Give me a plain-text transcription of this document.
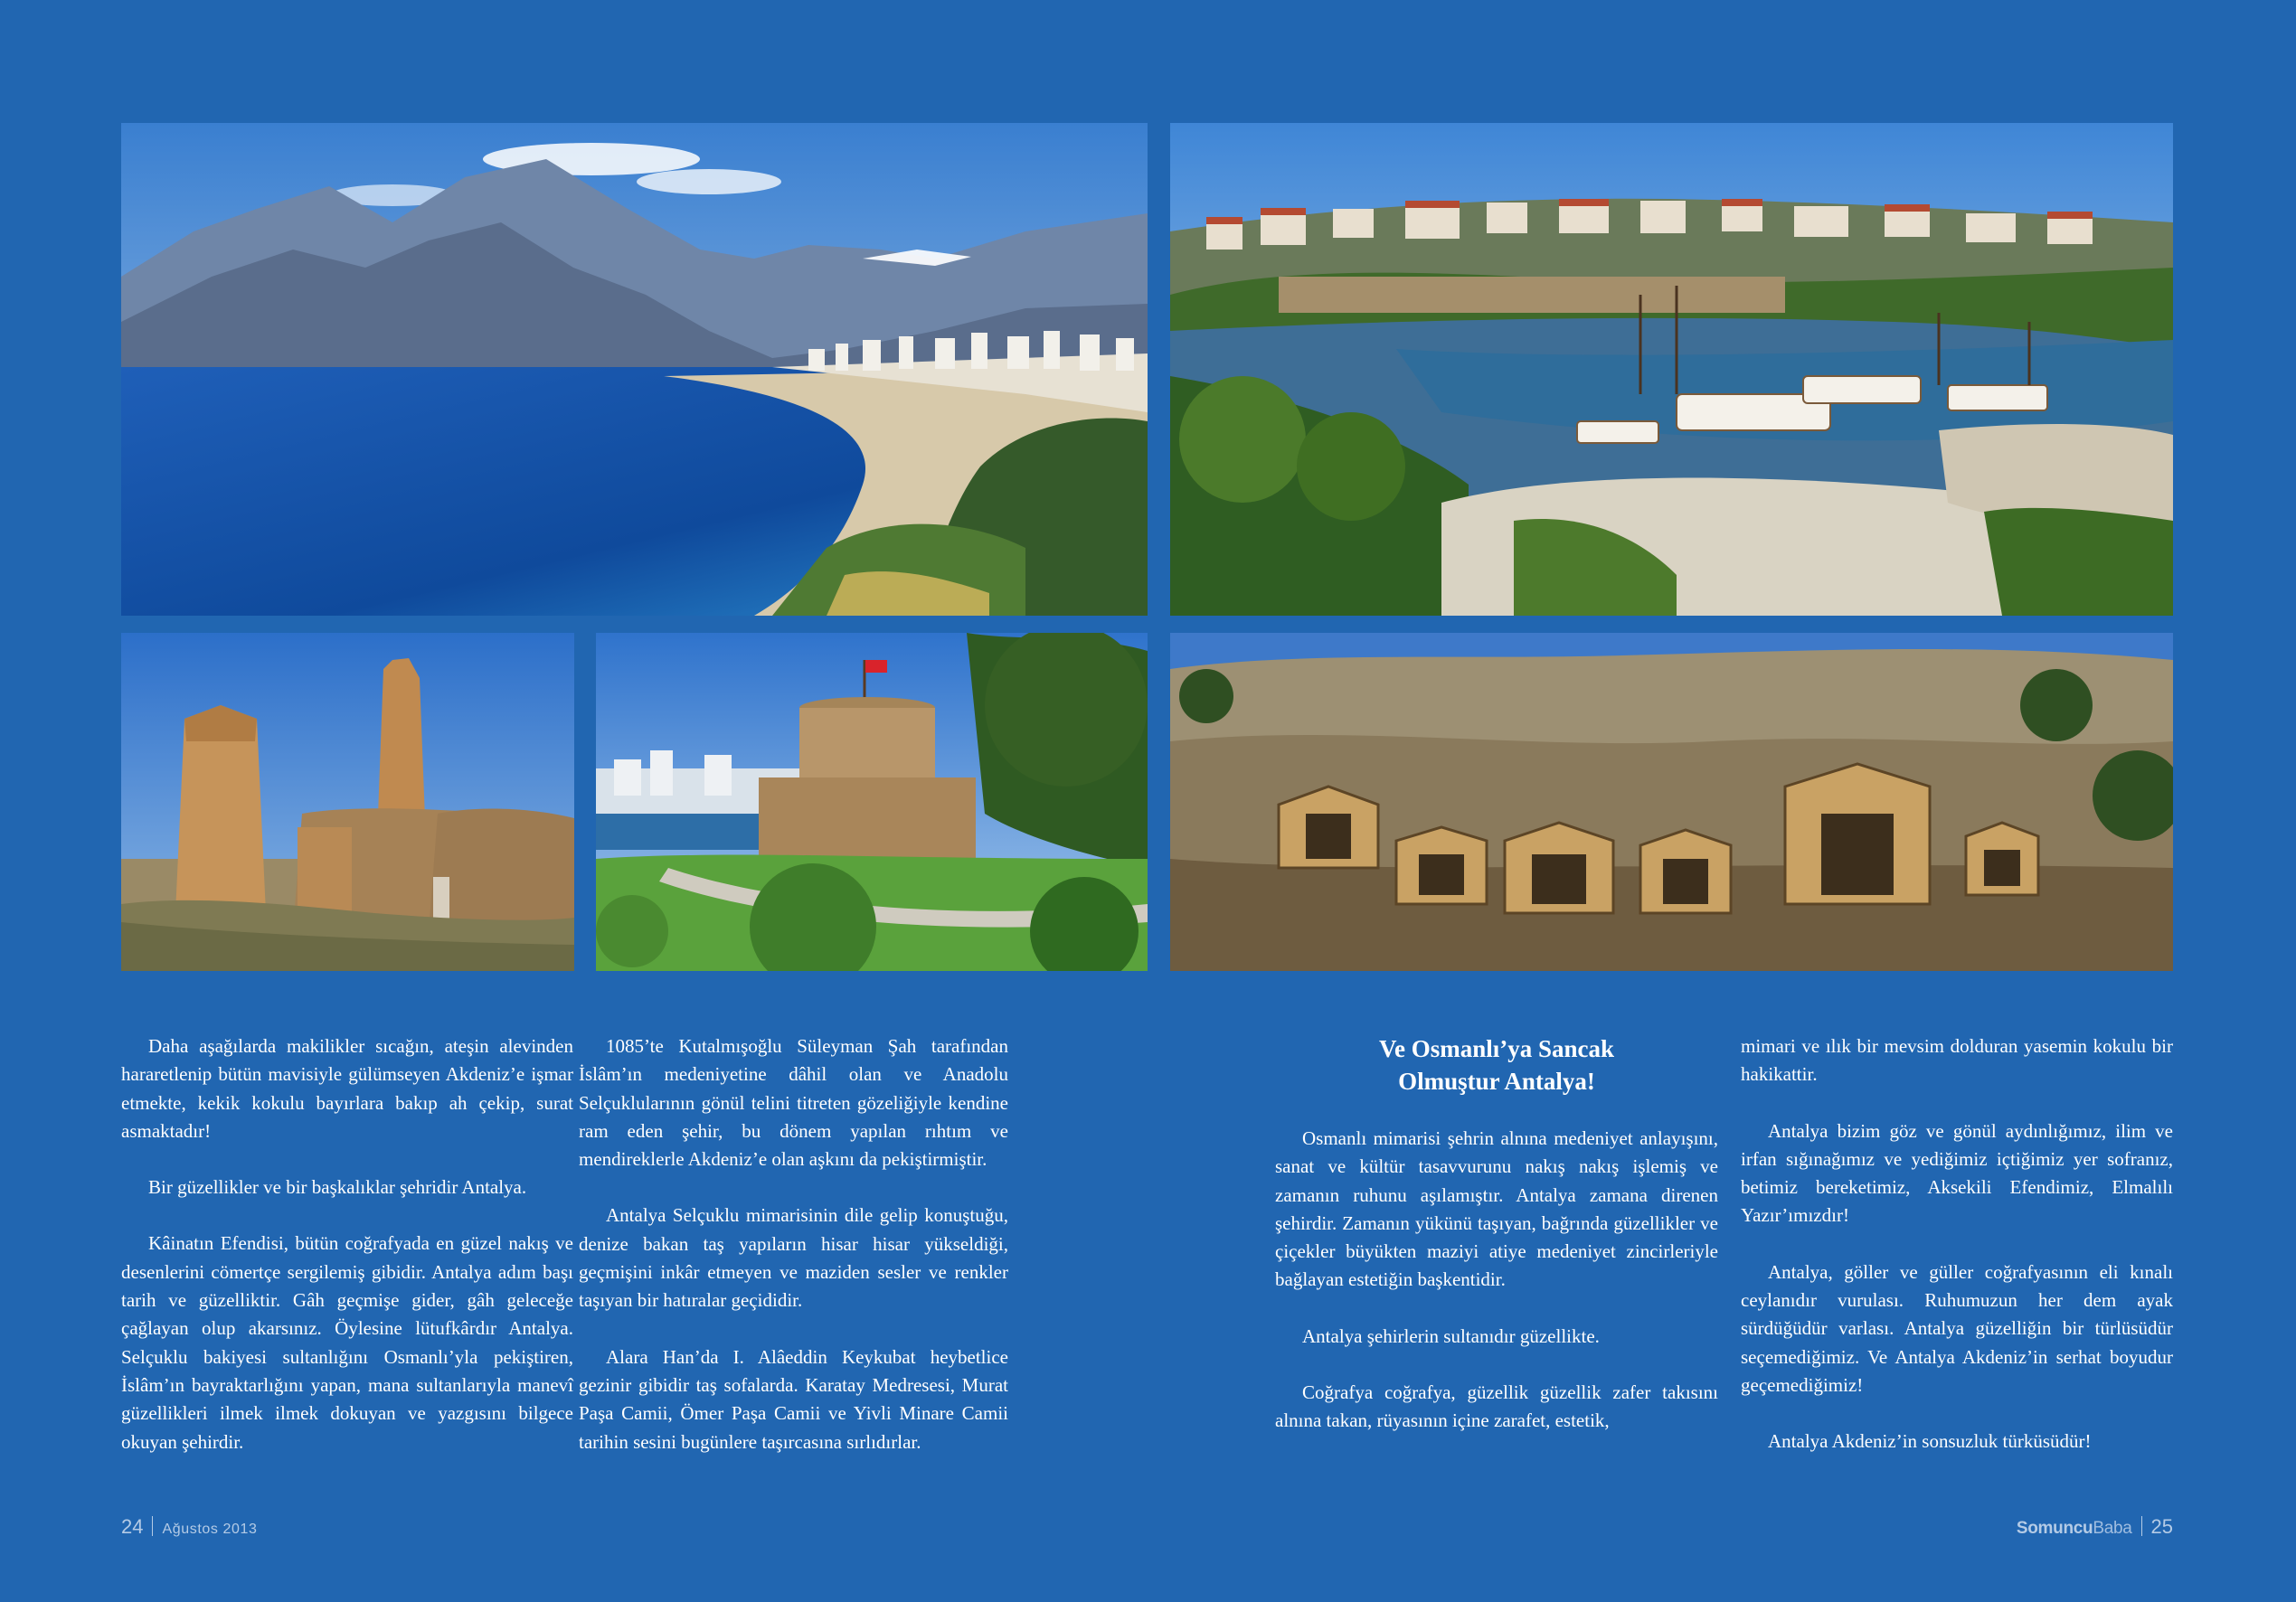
Daha aşağılarda makilikler sıcağın, ateşin alevinden hararetlenip bütün mavisiyle gülümseyen Akdeniz’e işmar etmekte, kekik kokulu bayırlara bakıp ah çekip, surat asmaktadır!

Bir güzellikler ve bir başkalıklar şehridir Antalya.

Kâinatın Efendisi, bütün coğrafyada en güzel nakış ve desenlerini cömertçe sergilemiş gibidir. Antalya adım başı tarih ve güzelliktir. Gâh geçmişe gider, gâh geleceğe çağlayan olup akarsınız. Öylesine lütufkârdır Antalya. Selçuklu bakiyesi sultanlığını Osmanlı’yla pekiştiren, İslâm’ın bayraktarlığını yapan, mana sultanlarıyla manevî güzellikleri ilmek ilmek dokuyan ve yazgısını bilgece okuyan şehirdir.

1085’te Kutalmışoğlu Süleyman Şah tarafından İslâm’ın medeniyetine dâhil olan ve Anadolu Selçuklularının gönül telini titreten gözeliğiyle kendine ram eden şehir, bu dönem yapılan rıhtım ve mendireklerle Akdeniz’e olan aşkını da pekiştirmiştir.

Antalya Selçuklu mimarisinin dile gelip konuştuğu, denize bakan taş yapıların hisar hisar yükseldiği, geçmişini inkâr etmeyen ve maziden sesler ve renkler taşıyan bir hatıralar geçididir.

Alara Han’da I. Alâeddin Keykubat heybetlice gezinir gibidir taş sofalarda. Karatay Medresesi, Murat Paşa Camii, Ömer Paşa Camii ve Yivli Minare Camii tarihin sesini bugünlere taşırcasına sırlıdırlar.

Ve Osmanlı’ya Sancak
Olmuştur Antalya!

Osmanlı mimarisi şehrin alnına medeniyet anlayışını, sanat ve kültür tasavvurunu nakış nakış işlemiş ve zamanın ruhunu aşılamıştır. Antalya zamana direnen şehirdir. Zamanın yükünü taşıyan, bağrında güzellikler ve çiçekler büyükten maziyi atiye medeniyet zincirleriyle bağlayan estetiğin başkentidir.

Antalya şehirlerin sultanıdır güzellikte.

Coğrafya coğrafya, güzellik güzellik zafer takısını alnına takan, rüyasının içine zarafet, estetik,

mimari ve ılık bir mevsim dolduran yasemin kokulu bir hakikattir.

Antalya bizim göz ve gönül aydınlığımız, ilim ve irfan sığınağımız ve yediğimiz içtiğimiz yer sofranız, betimiz bereketimiz, Aksekili Efendimiz, Elmalılı Yazır’ımızdır!

Antalya, göller ve güller coğrafyasının eli kınalı ceylanıdır vurulası. Ruhumuzun her dem ayak sürdüğüdür varlası. Antalya güzelliğin bir türlüsüdür seçemediğimiz. Ve Antalya Akdeniz’in serhat boyudur geçemediğimiz!

Antalya Akdeniz’in sonsuzluk türküsüdür!

24 Ağustos 2013	SomuncuBaba 25
